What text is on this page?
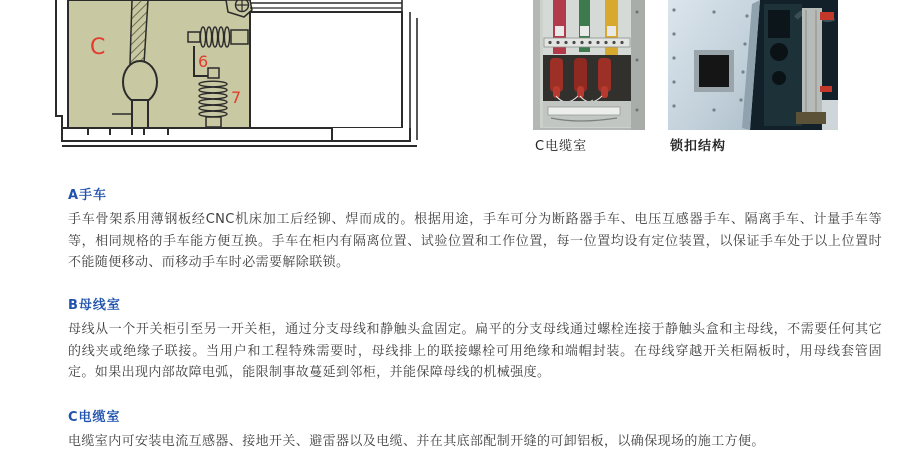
C
6
7
C电缆室	锁扣结构
A手车

手车骨架系用薄钢板经CNC机床加工后经铆、焊而成的。根据用途，手车可分为断路器手车、电压互感器手车、隔离手车、计量手车等等，相同规格的手车能方便互换。手车在柜内有隔离位置、试验位置和工作位置，每一位置均设有定位装置，以保证手车处于以上位置时不能随便移动、而移动手车时必需要解除联锁。

B母线室

母线从一个开关柜引至另一开关柜，通过分支母线和静触头盒固定。扁平的分支母线通过螺栓连接于静触头盒和主母线，不需要任何其它的线夹或绝缘子联接。当用户和工程特殊需要时，母线排上的联接螺栓可用绝缘和端帽封装。在母线穿越开关柜隔板时，用母线套管固定。如果出现内部故障电弧，能限制事故蔓延到邻柜，并能保障母线的机械强度。

C电缆室

电缆室内可安装电流互感器、接地开关、避雷器以及电缆、并在其底部配制开缝的可卸铝板，以确保现场的施工方便。
